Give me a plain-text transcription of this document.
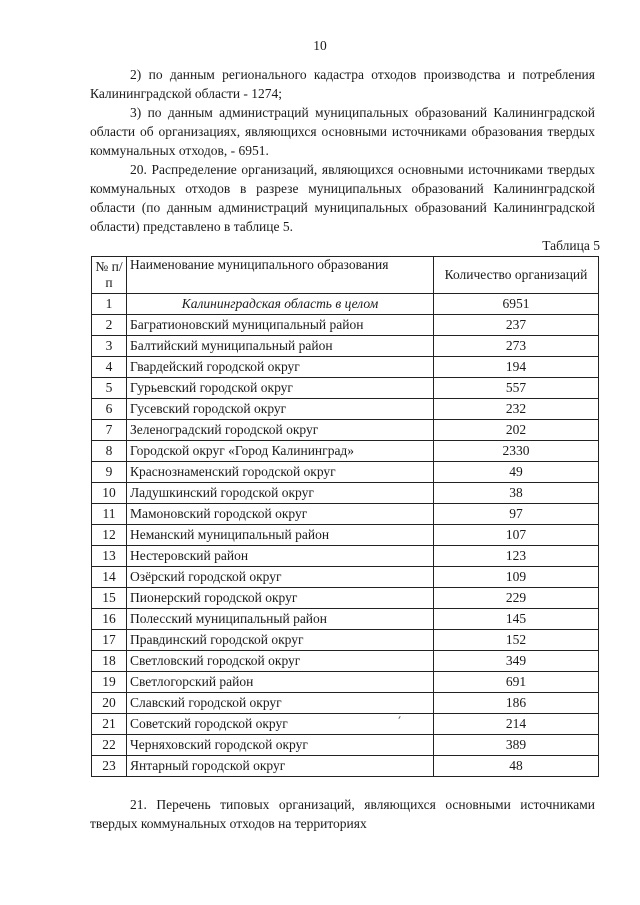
10

2) по данным регионального кадастра отходов производства и потребления Калининградской области - 1274;

3) по данным администраций муниципальных образований Калининградской области об организациях, являющихся основными источниками образования твердых коммунальных отходов, - 6951.

20. Распределение организаций, являющихся основными источниками твердых коммунальных отходов в разрезе муниципальных образований Калининградской области (по данным администраций муниципальных образований Калининградской области) представлено в таблице 5.

Таблица 5
№ п/п	Наименование муниципального образования	Количество организаций
1	Калининградская область в целом	6951
2	Багратионовский муниципальный район	237
3	Балтийский муниципальный район	273
4	Гвардейский городской округ	194
5	Гурьевский городской округ	557
6	Гусевский городской округ	232
7	Зеленоградский городской округ	202
8	Городской округ «Город Калининград»	2330
9	Краснознаменский городской округ	49
10	Ладушкинский городской округ	38
11	Мамоновский городской округ	97
12	Неманский муниципальный район	107
13	Нестеровский район	123
14	Озёрский городской округ	109
15	Пионерский городской округ	229
16	Полесский муниципальный район	145
17	Правдинский городской округ	152
18	Светловский городской округ	349
19	Светлогорский район	691
20	Славский городской округ	186
21	Советский городской округ	214
22	Черняховский городской округ	389
23	Янтарный городской округ	48

21. Перечень типовых организаций, являющихся основными источниками твердых коммунальных отходов на территориях
